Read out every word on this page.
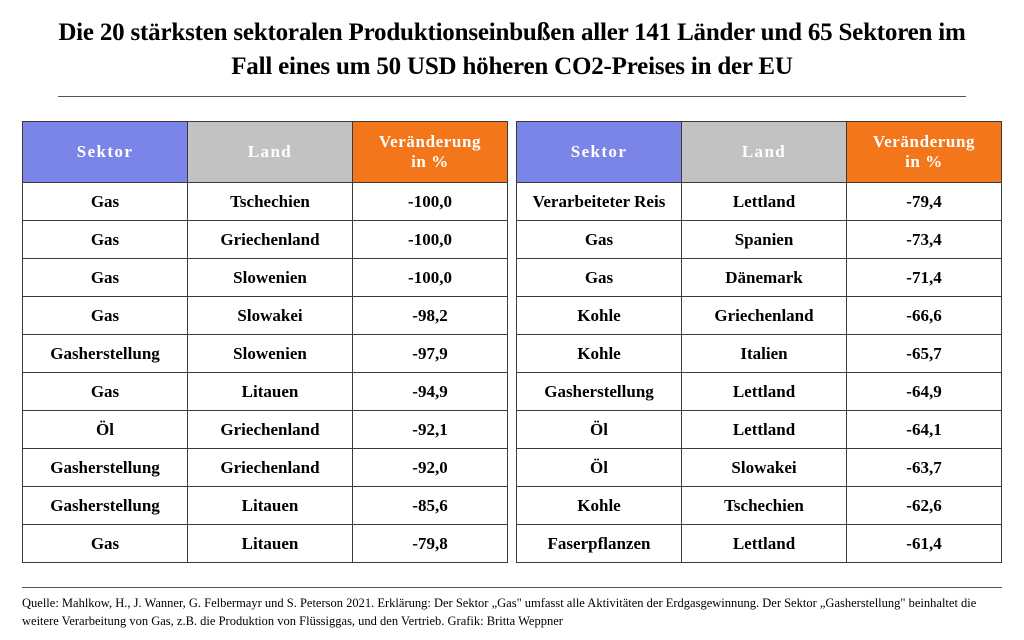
Die 20 stärksten sektoralen Produktionseinbußen aller 141 Länder und 65 Sektoren im Fall eines um 50 USD höheren CO2-Preises in der EU
Sektor	Land	Veränderung
in %
Gas	Tschechien	-100,0
Gas	Griechenland	-100,0
Gas	Slowenien	-100,0
Gas	Slowakei	-98,2
Gasherstellung	Slowenien	-97,9
Gas	Litauen	-94,9
Öl	Griechenland	-92,1
Gasherstellung	Griechenland	-92,0
Gasherstellung	Litauen	-85,6
Gas	Litauen	-79,8
Sektor	Land	Veränderung
in %
Verarbeiteter Reis	Lettland	-79,4
Gas	Spanien	-73,4
Gas	Dänemark	-71,4
Kohle	Griechenland	-66,6
Kohle	Italien	-65,7
Gasherstellung	Lettland	-64,9
Öl	Lettland	-64,1
Öl	Slowakei	-63,7
Kohle	Tschechien	-62,6
Faserpflanzen	Lettland	-61,4
Quelle: Mahlkow, H., J. Wanner, G. Felbermayr und S. Peterson 2021. Erklärung: Der Sektor „Gas" umfasst alle Aktivitäten der Erdgasgewinnung. Der Sektor „Gasherstellung" beinhaltet die weitere Verarbeitung von Gas, z.B. die Produktion von Flüssiggas, und den Vertrieb. Grafik: Britta Weppner
